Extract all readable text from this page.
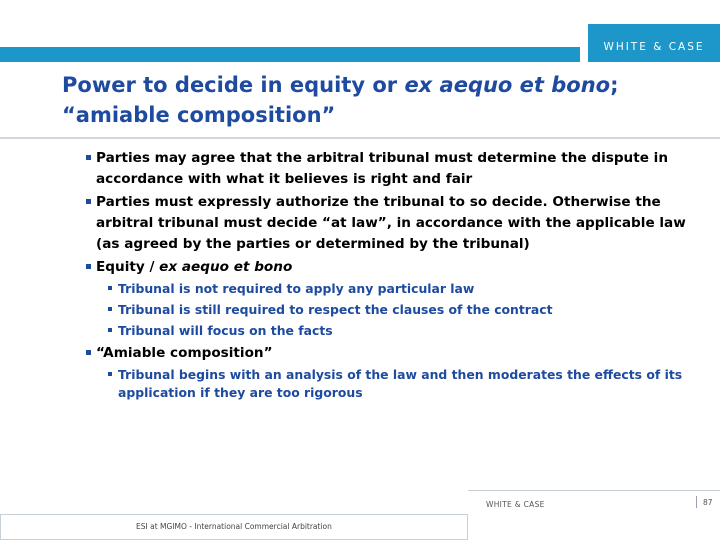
WHITE & CASE
Power to decide in equity or ex aequo et bono;
“amiable composition”
Parties may agree that the arbitral tribunal must determine the dispute in accordance with what it believes is right and fair
Parties must expressly authorize the tribunal to so decide. Otherwise the arbitral tribunal must decide “at law”, in accordance with the applicable law (as agreed by the parties or determined by the tribunal)
Equity / ex aequo et bono
Tribunal is not required to apply any particular law
Tribunal is still required to respect the clauses of the contract
Tribunal will focus on the facts
“Amiable composition”
Tribunal begins with an analysis of the law and then moderates the effects of its application if they are too rigorous
WHITE & CASE	87
ESI at MGIMO - International Commercial Arbitration
